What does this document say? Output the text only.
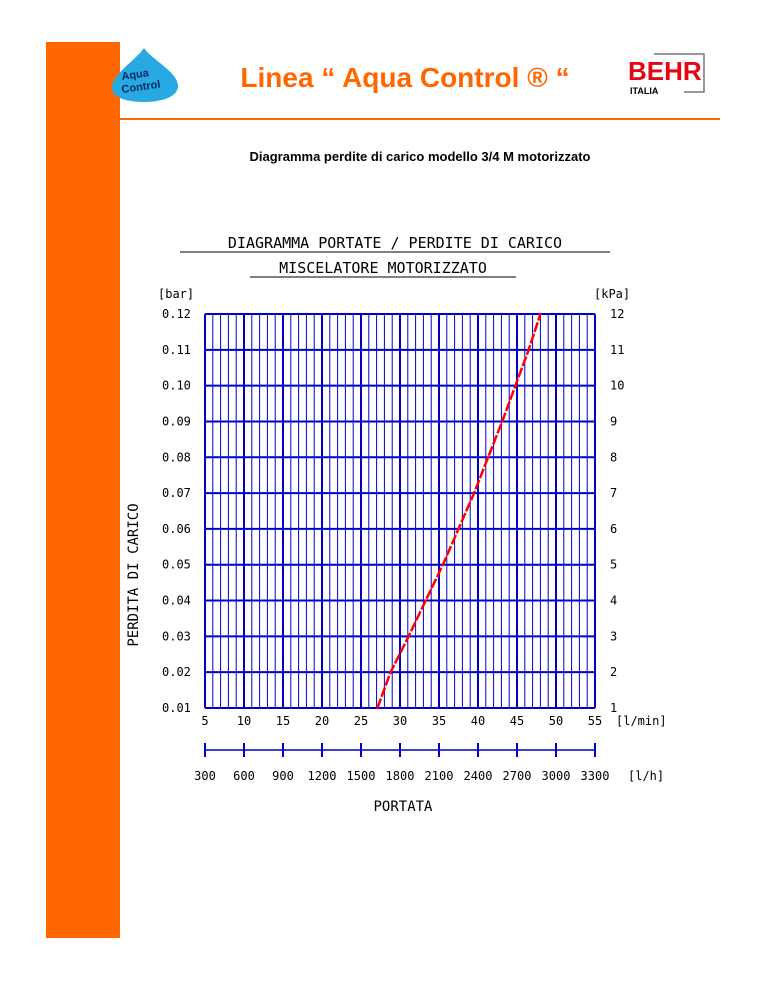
Aqua
Control	Linea “ Aqua Control ® “	BEHR
ITALIA
Diagramma perdite di carico modello 3/4 M motorizzato
DIAGRAMMA PORTATE / PERDITE DI CARICO
MISCELATORE MOTORIZZATO
[bar]	[kPa]
0.01
0.02
0.03
0.04
0.05
0.06
0.07
0.08
0.09
0.10
0.11
0.12
1
2
3
4
5
6
7
8
9
10
11
12
5 10 15 20 25 30 35 40 45 50 55 [l/min]
300 600 900 1200 1500 1800 2100 2400 2700 3000 3300 [l/h]
PERDITA DI CARICO
PORTATA
